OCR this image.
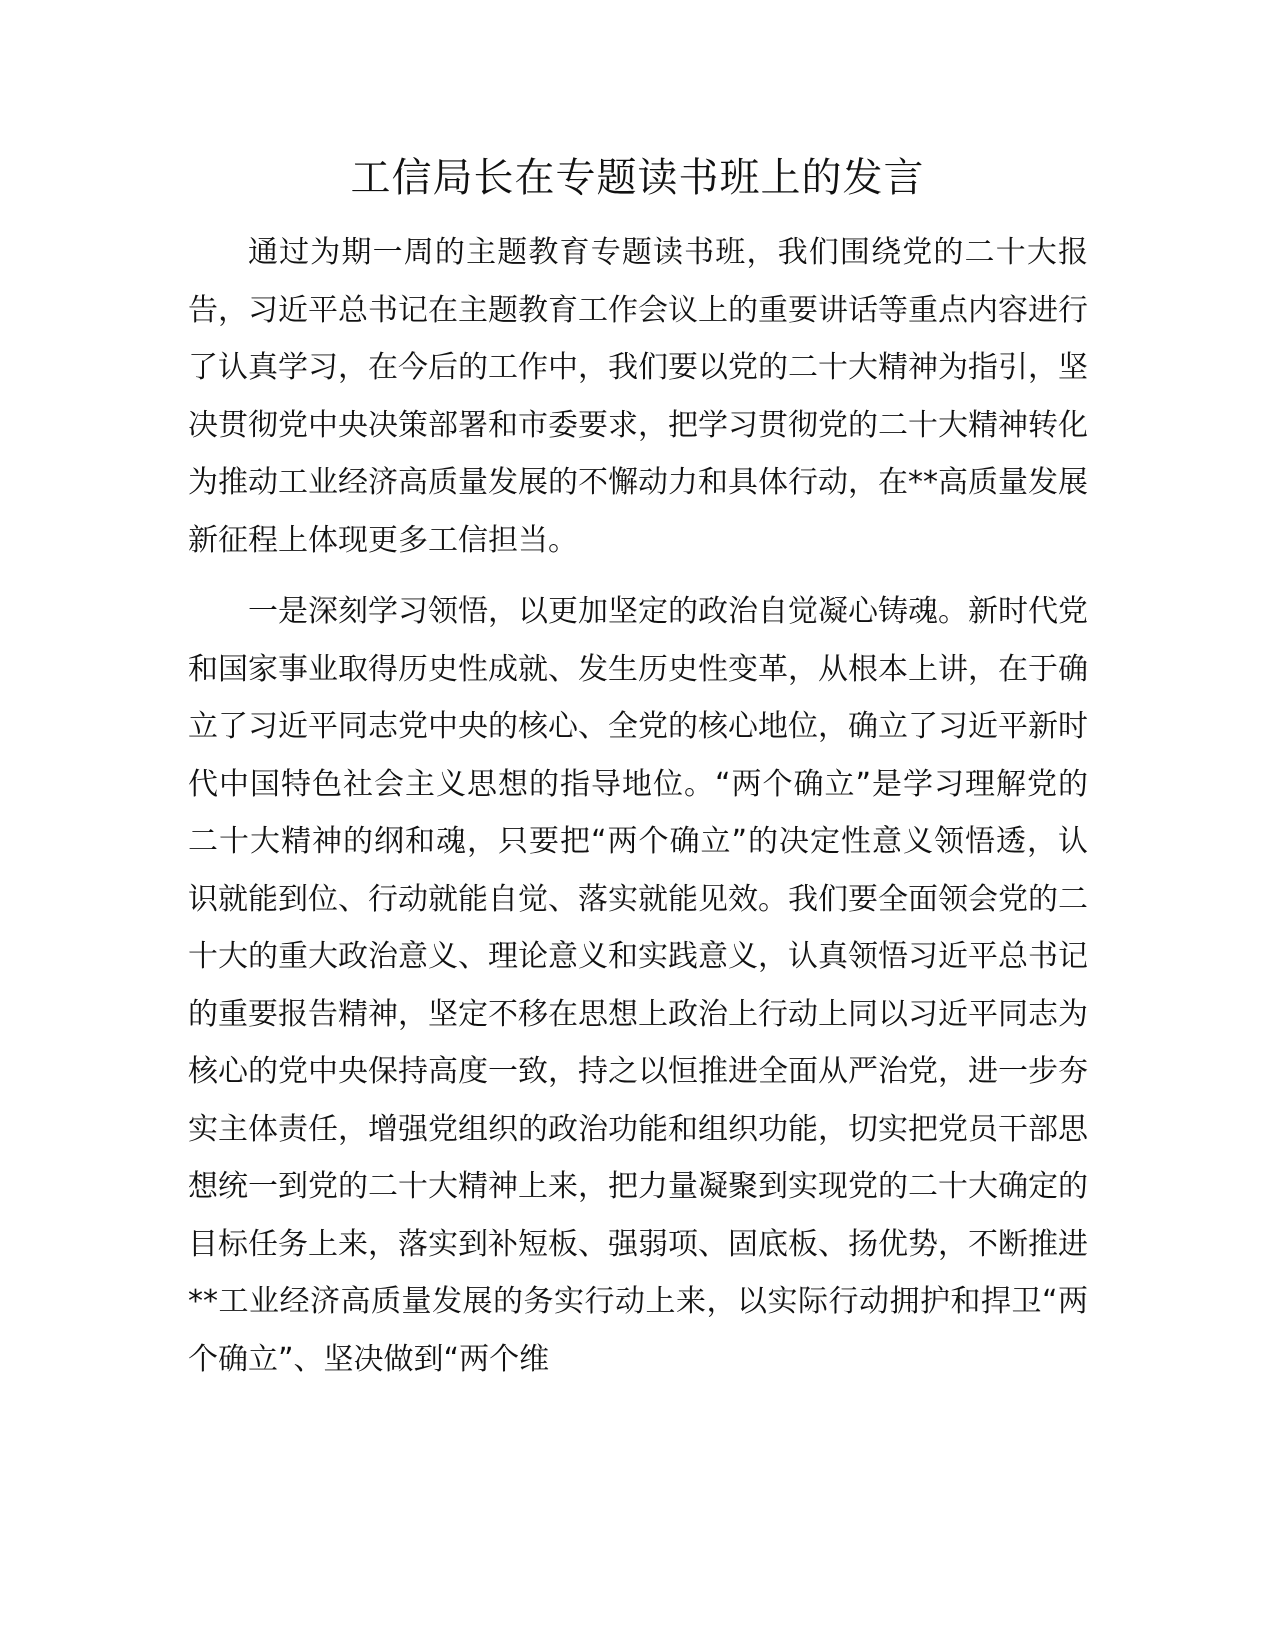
工信局长在专题读书班上的发言

通过为期一周的主题教育专题读书班，我们围绕党的二十大报告，习近平总书记在主题教育工作会议上的重要讲话等重点内容进行了认真学习，在今后的工作中，我们要以党的二十大精神为指引，坚决贯彻党中央决策部署和市委要求，把学习贯彻党的二十大精神转化为推动工业经济高质量发展的不懈动力和具体行动，在**高质量发展新征程上体现更多工信担当。

一是深刻学习领悟，以更加坚定的政治自觉凝心铸魂。新时代党和国家事业取得历史性成就、发生历史性变革，从根本上讲，在于确立了习近平同志党中央的核心、全党的核心地位，确立了习近平新时代中国特色社会主义思想的指导地位。“两个确立”是学习理解党的二十大精神的纲和魂，只要把“两个确立”的决定性意义领悟透，认识就能到位、行动就能自觉、落实就能见效。我们要全面领会党的二十大的重大政治意义、理论意义和实践意义，认真领悟习近平总书记的重要报告精神，坚定不移在思想上政治上行动上同以习近平同志为核心的党中央保持高度一致，持之以恒推进全面从严治党，进一步夯实主体责任，增强党组织的政治功能和组织功能，切实把党员干部思想统一到党的二十大精神上来，把力量凝聚到实现党的二十大确定的目标任务上来，落实到补短板、强弱项、固底板、扬优势，不断推进**工业经济高质量发展的务实行动上来，以实际行动拥护和捍卫“两个确立”、坚决做到“两个维
